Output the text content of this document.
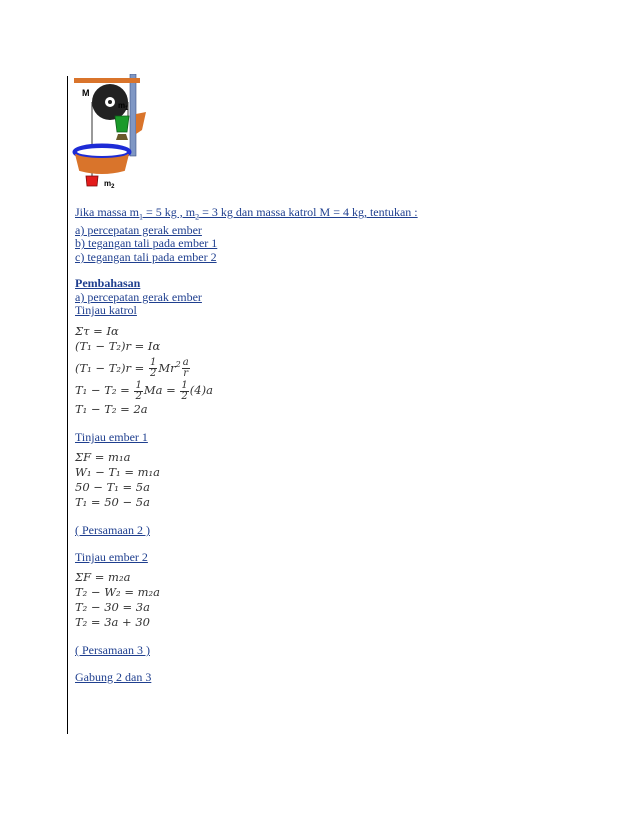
M
$m_1$
$m_2$
Jika massa $m_1 = 5$ kg , $m_2 = 3$ kg dan massa katrol M = 4 kg, tentukan :
a) percepatan gerak ember
b) tegangan tali pada ember 1
c) tegangan tali pada ember 2
Pembahasan
a) percepatan gerak ember
Tinjau katrol
Στ = Iα
(T₁ − T₂)r = Iα
$(T_1 - T_2)r = \frac{1}{2} Mr^2 \frac{a}{r}$
$T_1 - T_2 = \frac{1}{2}$ $Ma = \frac{1}{2} (4)a$
T₁ − T₂ = 2a
Tinjau ember 1
ΣF = m₁a
W₁ − T₁ = m₁a
50 − T₁ = 5a
T₁ = 50 − 5a
( Persamaan 2 )
Tinjau ember 2
ΣF = m₂a
T₂ − W₂ = m₂a
T₂ − 30 = 3a
T₂ = 3a + 30
( Persamaan 3 )
Gabung 2 dan 3
